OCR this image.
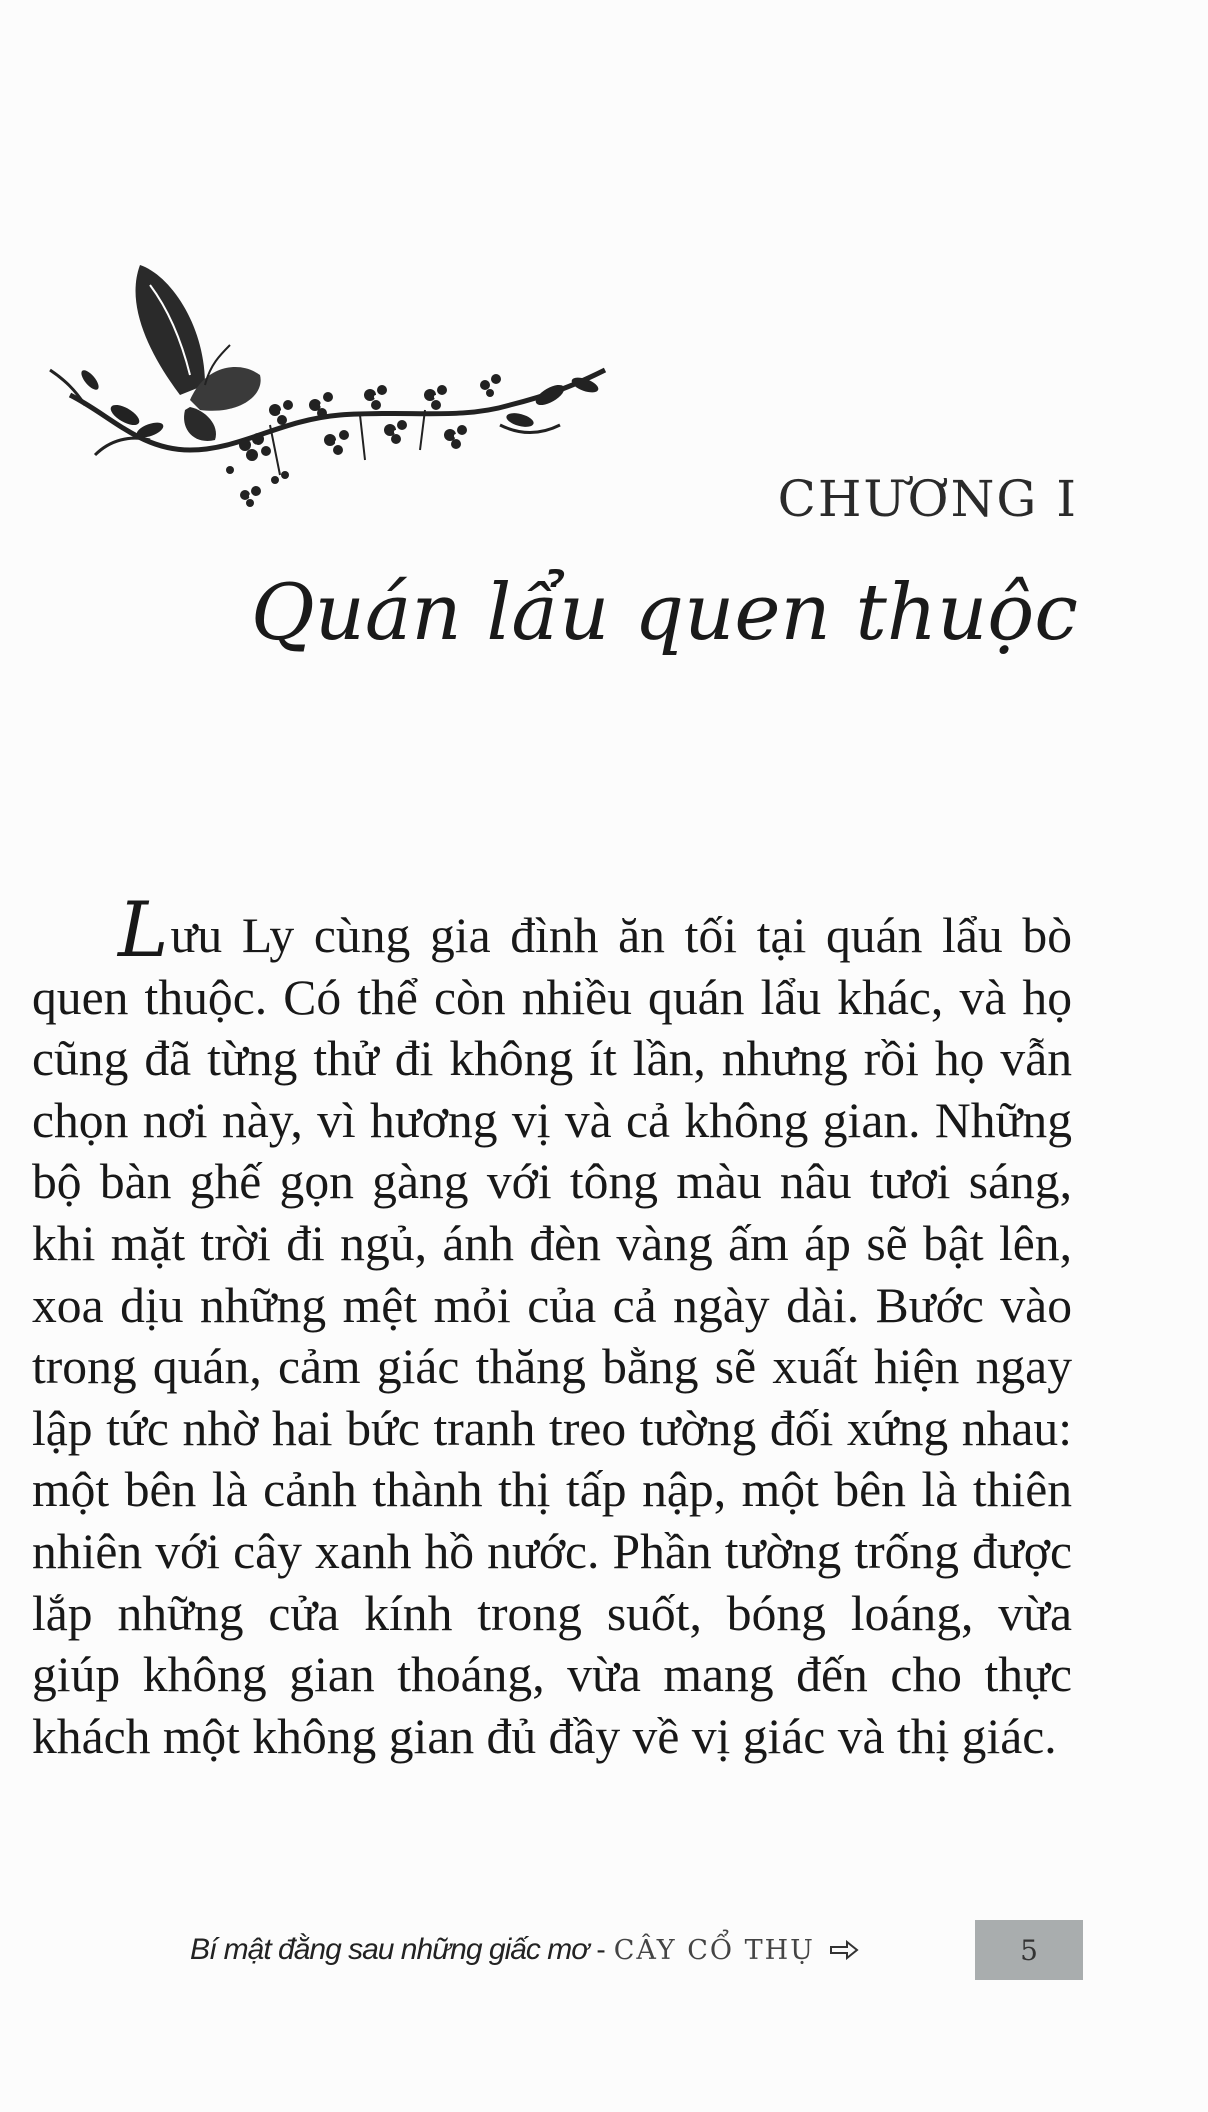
CHƯƠNG I
Quán lẩu quen thuộc

Lưu Ly cùng gia đình ăn tối tại quán lẩu bò quen thuộc. Có thể còn nhiều quán lẩu khác, và họ cũng đã từng thử đi không ít lần, nhưng rồi họ vẫn chọn nơi này, vì hương vị và cả không gian. Những bộ bàn ghế gọn gàng với tông màu nâu tươi sáng, khi mặt trời đi ngủ, ánh đèn vàng ấm áp sẽ bật lên, xoa dịu những mệt mỏi của cả ngày dài. Bước vào trong quán, cảm giác thăng bằng sẽ xuất hiện ngay lập tức nhờ hai bức tranh treo tường đối xứng nhau: một bên là cảnh thành thị tấp nập, một bên là thiên nhiên với cây xanh hồ nước. Phần tường trống được lắp những cửa kính trong suốt, bóng loáng, vừa giúp không gian thoáng, vừa mang đến cho thực khách một không gian đủ đầy về vị giác và thị giác.

Bí mật đằng sau những giấc mơ - CÂY CỔ THỤ	5
